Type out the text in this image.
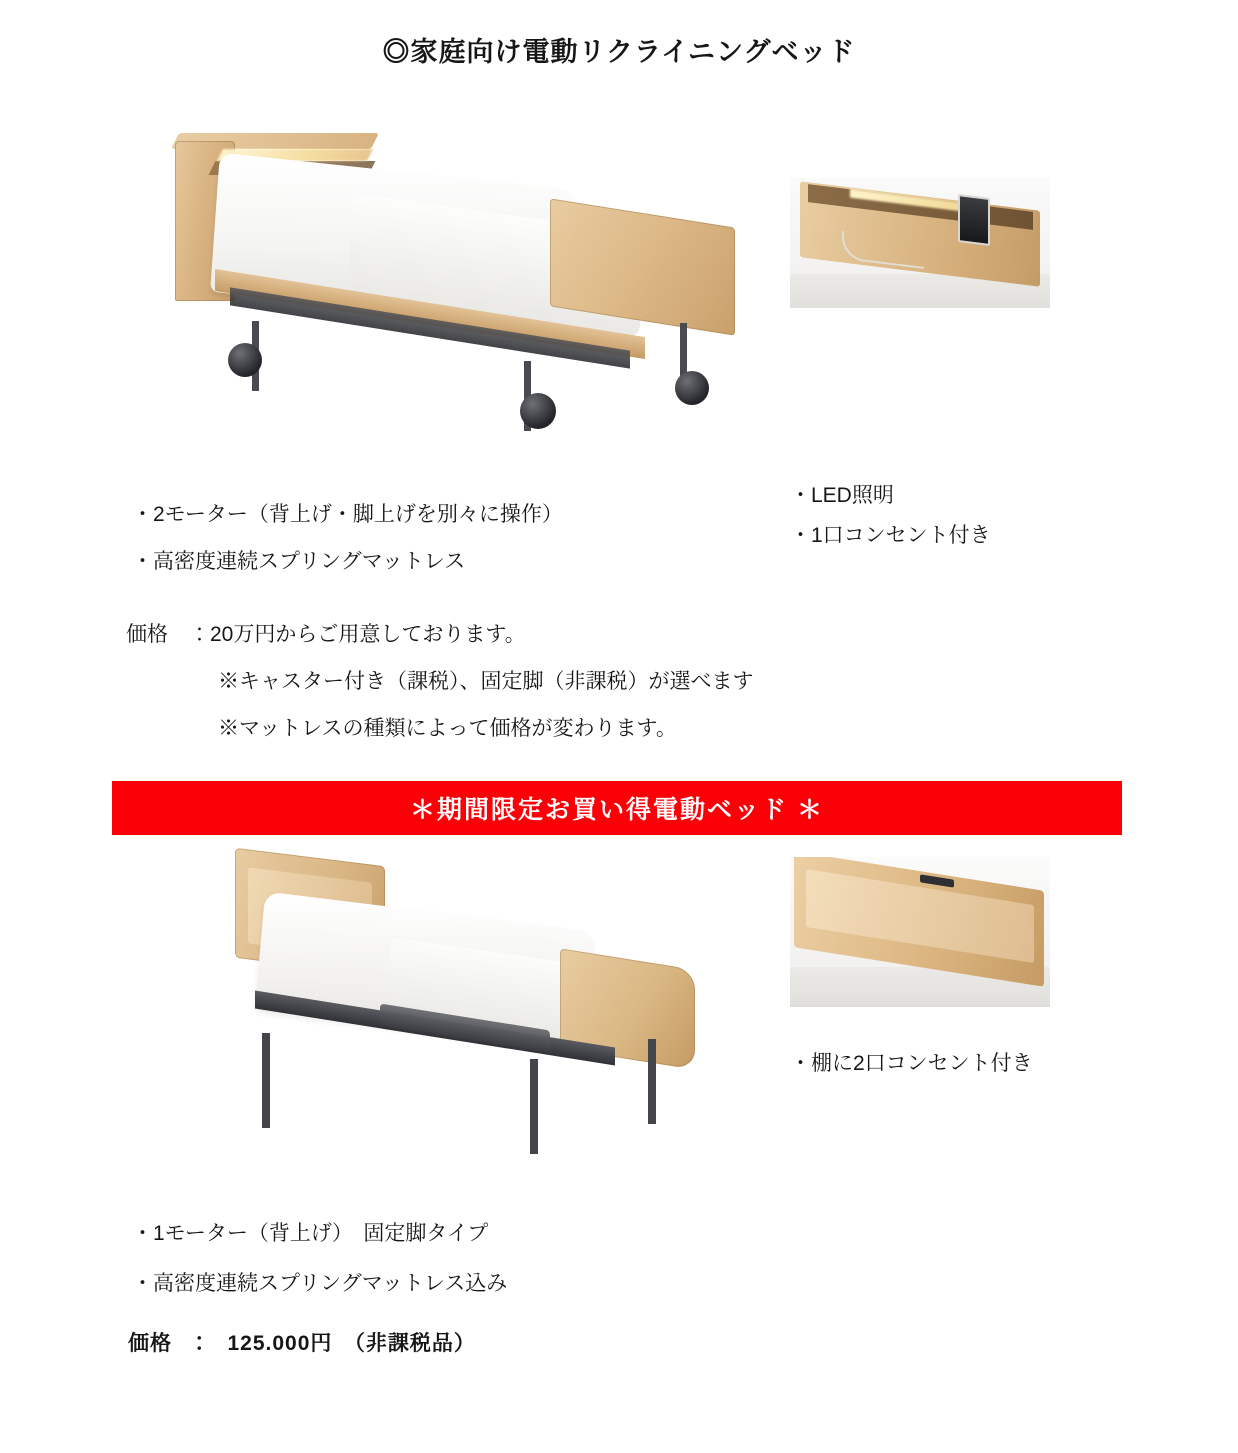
◎家庭向け電動リクライニングベッド
・LED照明
・1口コンセント付き
・2モーター（背上げ・脚上げを別々に操作）
・高密度連続スプリングマットレス
価格　：20万円からご用意しております。
※キャスター付き（課税）、固定脚（非課税）が選べます
※マットレスの種類によって価格が変わります。
＊期間限定お買い得電動ベッド ＊
・棚に2口コンセント付き
・1モーター（背上げ）　固定脚タイプ
・高密度連続スプリングマットレス込み
価格　：　125.000円　（非課税品）
